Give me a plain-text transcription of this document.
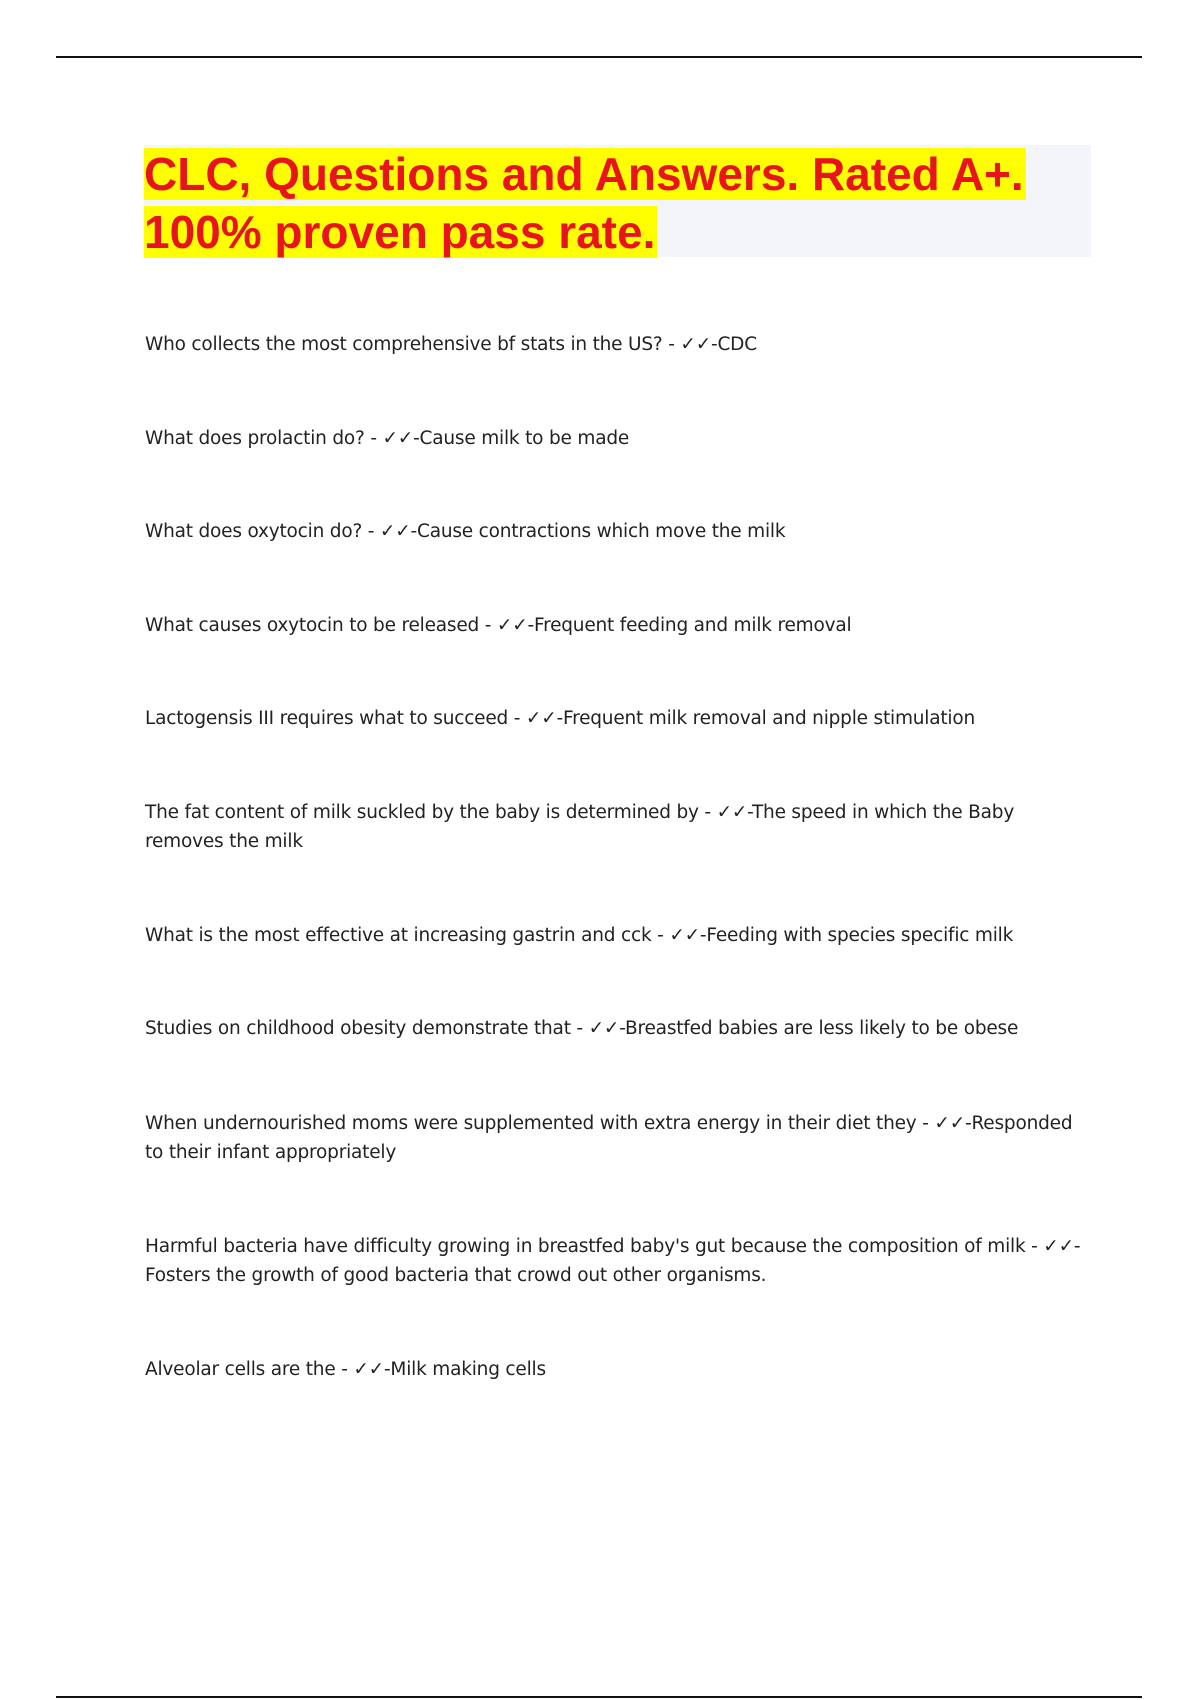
CLC, Questions and Answers. Rated A+. 100% proven pass rate.
Who collects the most comprehensive bf stats in the US? - ✓✓-CDC
What does prolactin do? - ✓✓-Cause milk to be made
What does oxytocin do? - ✓✓-Cause contractions which move the milk
What causes oxytocin to be released - ✓✓-Frequent feeding and milk removal
Lactogensis III requires what to succeed - ✓✓-Frequent milk removal and nipple stimulation
The fat content of milk suckled by the baby is determined by - ✓✓-The speed in which the Baby removes the milk
What is the most effective at increasing gastrin and cck - ✓✓-Feeding with species specific milk
Studies on childhood obesity demonstrate that - ✓✓-Breastfed babies are less likely to be obese
When undernourished moms were supplemented with extra energy in their diet they - ✓✓-Responded to their infant appropriately
Harmful bacteria have difficulty growing in breastfed baby's gut because the composition of milk - ✓✓-Fosters the growth of good bacteria that crowd out other organisms.
Alveolar cells are the - ✓✓-Milk making cells
